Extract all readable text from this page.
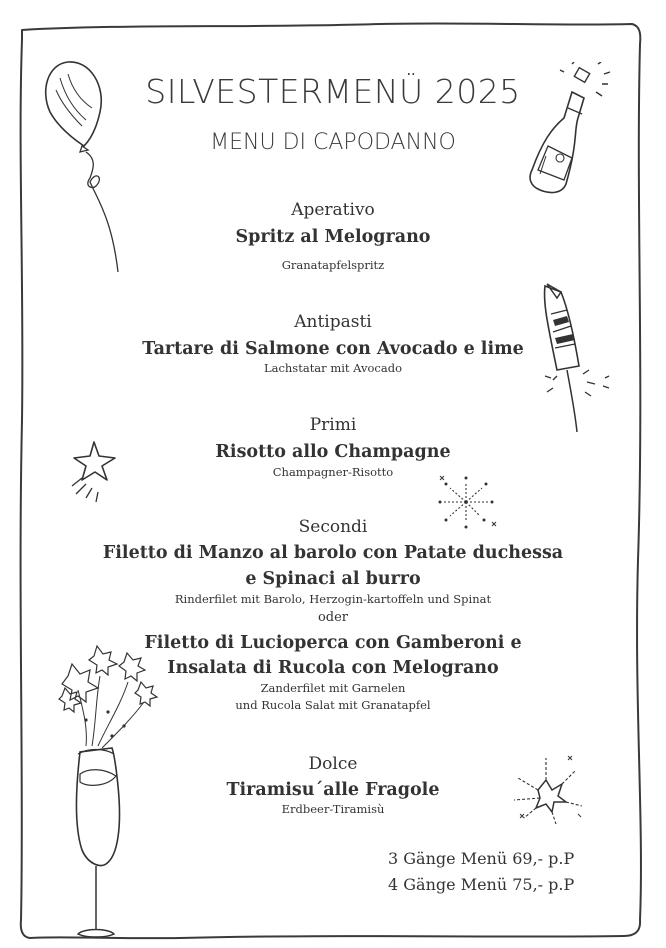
SILVESTERMENÜ 2025
MENU DI CAPODANNO
Aperativo
Spritz al Melograno
Granatapfelspritz
Antipasti
Tartare di Salmone con Avocado e lime
Lachstatar mit Avocado
Primi
Risotto allo Champagne
Champagner-Risotto
Secondi
Filetto di Manzo al barolo con Patate duchessa
e Spinaci al burro
Rinderfilet mit Barolo, Herzogin-kartoffeln und Spinat
oder
Filetto di Lucioperca con Gamberoni e
Insalata di Rucola con Melograno
Zanderfilet mit Garnelen
und Rucola Salat mit Granatapfel
Dolce
Tiramisu´alle Fragole
Erdbeer-Tiramisù
3 Gänge Menü 69,- p.P
4 Gänge Menü 75,- p.P
